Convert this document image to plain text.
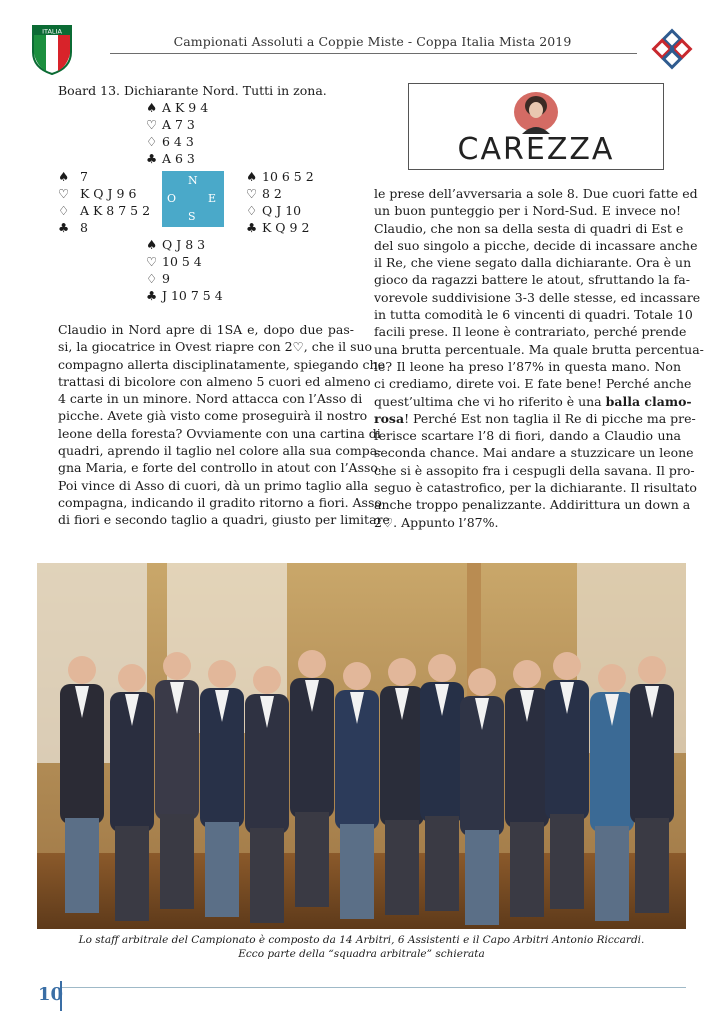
ITALIA
Campionati Assoluti a Coppie Miste - Coppa Italia Mista 2019
Board 13. Dichiarante Nord. Tutti in zona.
♠ A K 9 4
♡ A 7 3
♢ 6 4 3
♣ A 6 3
♠ 7
♡ K Q J 9 6
♢ A K 8 7 5 2
♣ 8
N
O	E
S
♠ 10 6 5 2
♡ 8 2
♢ Q J 10
♣ K Q 9 2
♠ Q J 8 3
♡ 10 5 4
♢ 9
♣ J 10 7 5 4
CAREZZA
Claudio in Nord apre di 1SA e, dopo due pas-
si, la giocatrice in Ovest riapre con 2♡, che il suo
compagno allerta disciplinatamente, spiegando che
trattasi di bicolore con almeno 5 cuori ed almeno
4 carte in un minore. Nord attacca con l’Asso di
picche. Avete già visto come proseguirà il nostro
leone della foresta? Ovviamente con una cartina di
quadri, aprendo il taglio nel colore alla sua compa-
gna Maria, e forte del controllo in atout con l’Asso.
Poi vince di Asso di cuori, dà un primo taglio alla
compagna, indicando il gradito ritorno a fiori. Asso
di fiori e secondo taglio a quadri, giusto per limitare
le prese dell’avversaria a sole 8. Due cuori fatte ed
un buon punteggio per i Nord-Sud. E invece no!
Claudio, che non sa della sesta di quadri di Est e
del suo singolo a picche, decide di incassare anche
il Re, che viene segato dalla dichiarante. Ora è un
gioco da ragazzi battere le atout, sfruttando la fa-
vorevole suddivisione 3-3 delle stesse, ed incassare
in tutta comodità le 6 vincenti di quadri. Totale 10
facili prese. Il leone è contrariato, perché prende
una brutta percentuale. Ma quale brutta percentua-
le? Il leone ha preso l’87% in questa mano. Non
ci crediamo, direte voi. E fate bene! Perché anche
quest’ultima che vi ho riferito è una balla clamo-
rosa! Perché Est non taglia il Re di picche ma pre-
ferisce scartare l’8 di fiori, dando a Claudio una
seconda chance. Mai andare a stuzzicare un leone
che si è assopito fra i cespugli della savana. Il pro-
seguo è catastrofico, per la dichiarante. Il risultato
anche troppo penalizzante. Addirittura un down a
2♡. Appunto l’87%.
Lo staff arbitrale del Campionato è composto da 14 Arbitri, 6 Assistenti e il Capo Arbitri Antonio Riccardi.
Ecco parte della “squadra arbitrale” schierata
10
